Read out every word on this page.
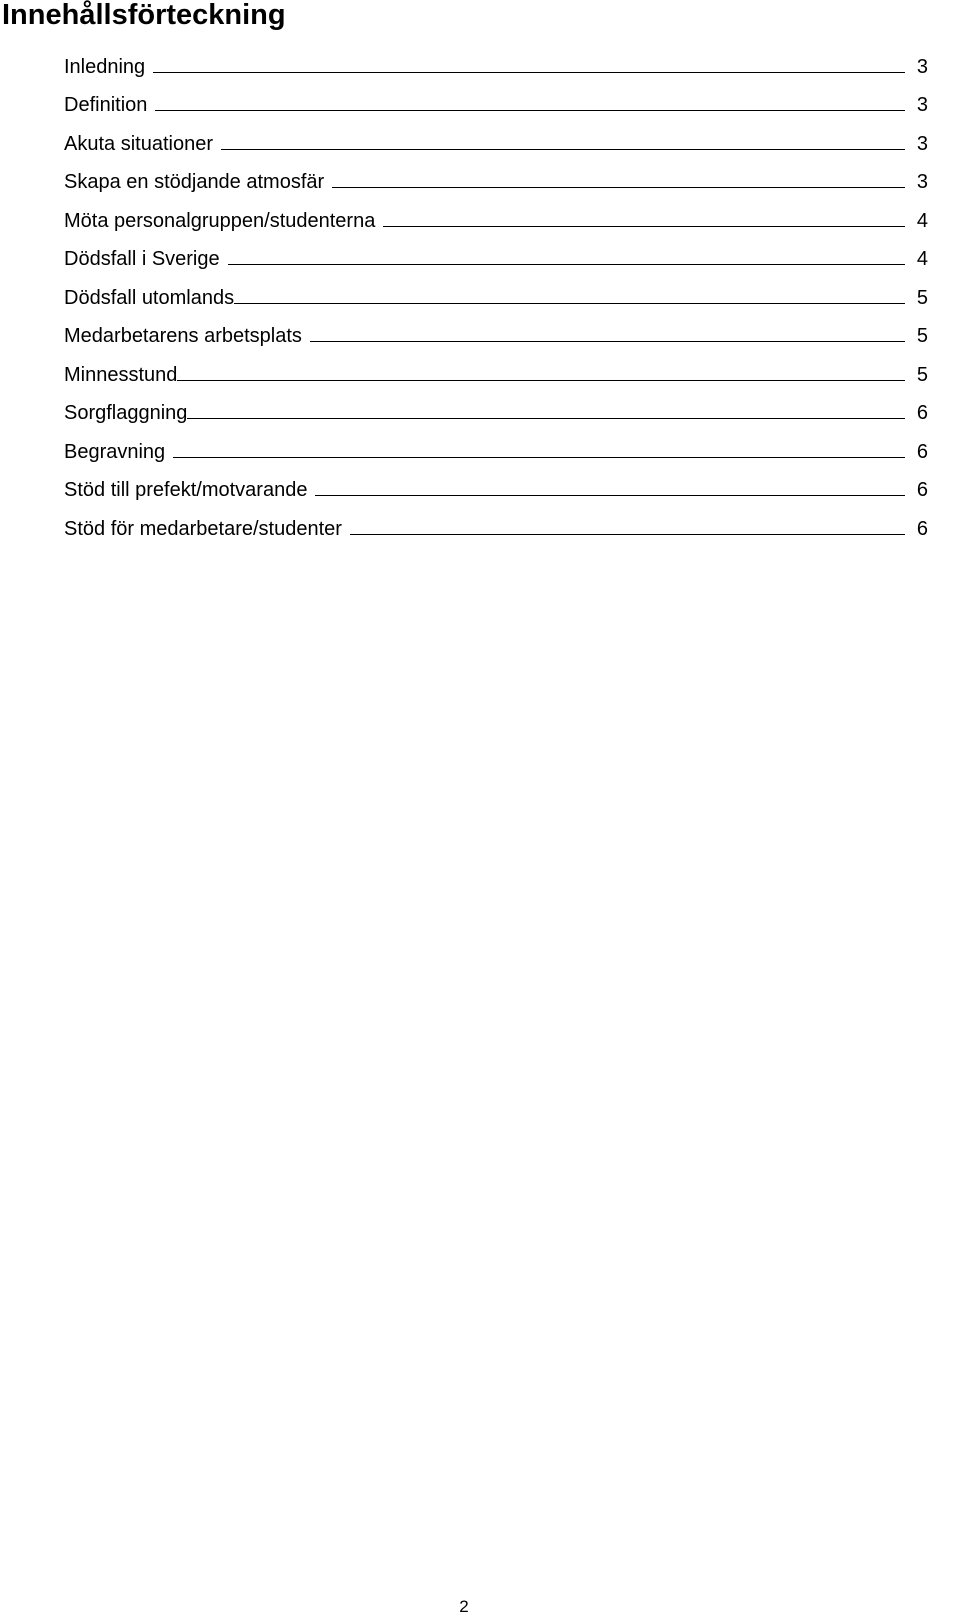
Innehållsförteckning
Inledning	3
Definition	3
Akuta situationer	3
Skapa en stödjande atmosfär	3
Möta personalgruppen/studenterna	4
Dödsfall i Sverige	4
Dödsfall utomlands	5
Medarbetarens arbetsplats	5
Minnesstund	5
Sorgflaggning	6
Begravning	6
Stöd till prefekt/motvarande	6
Stöd för medarbetare/studenter	6
2
